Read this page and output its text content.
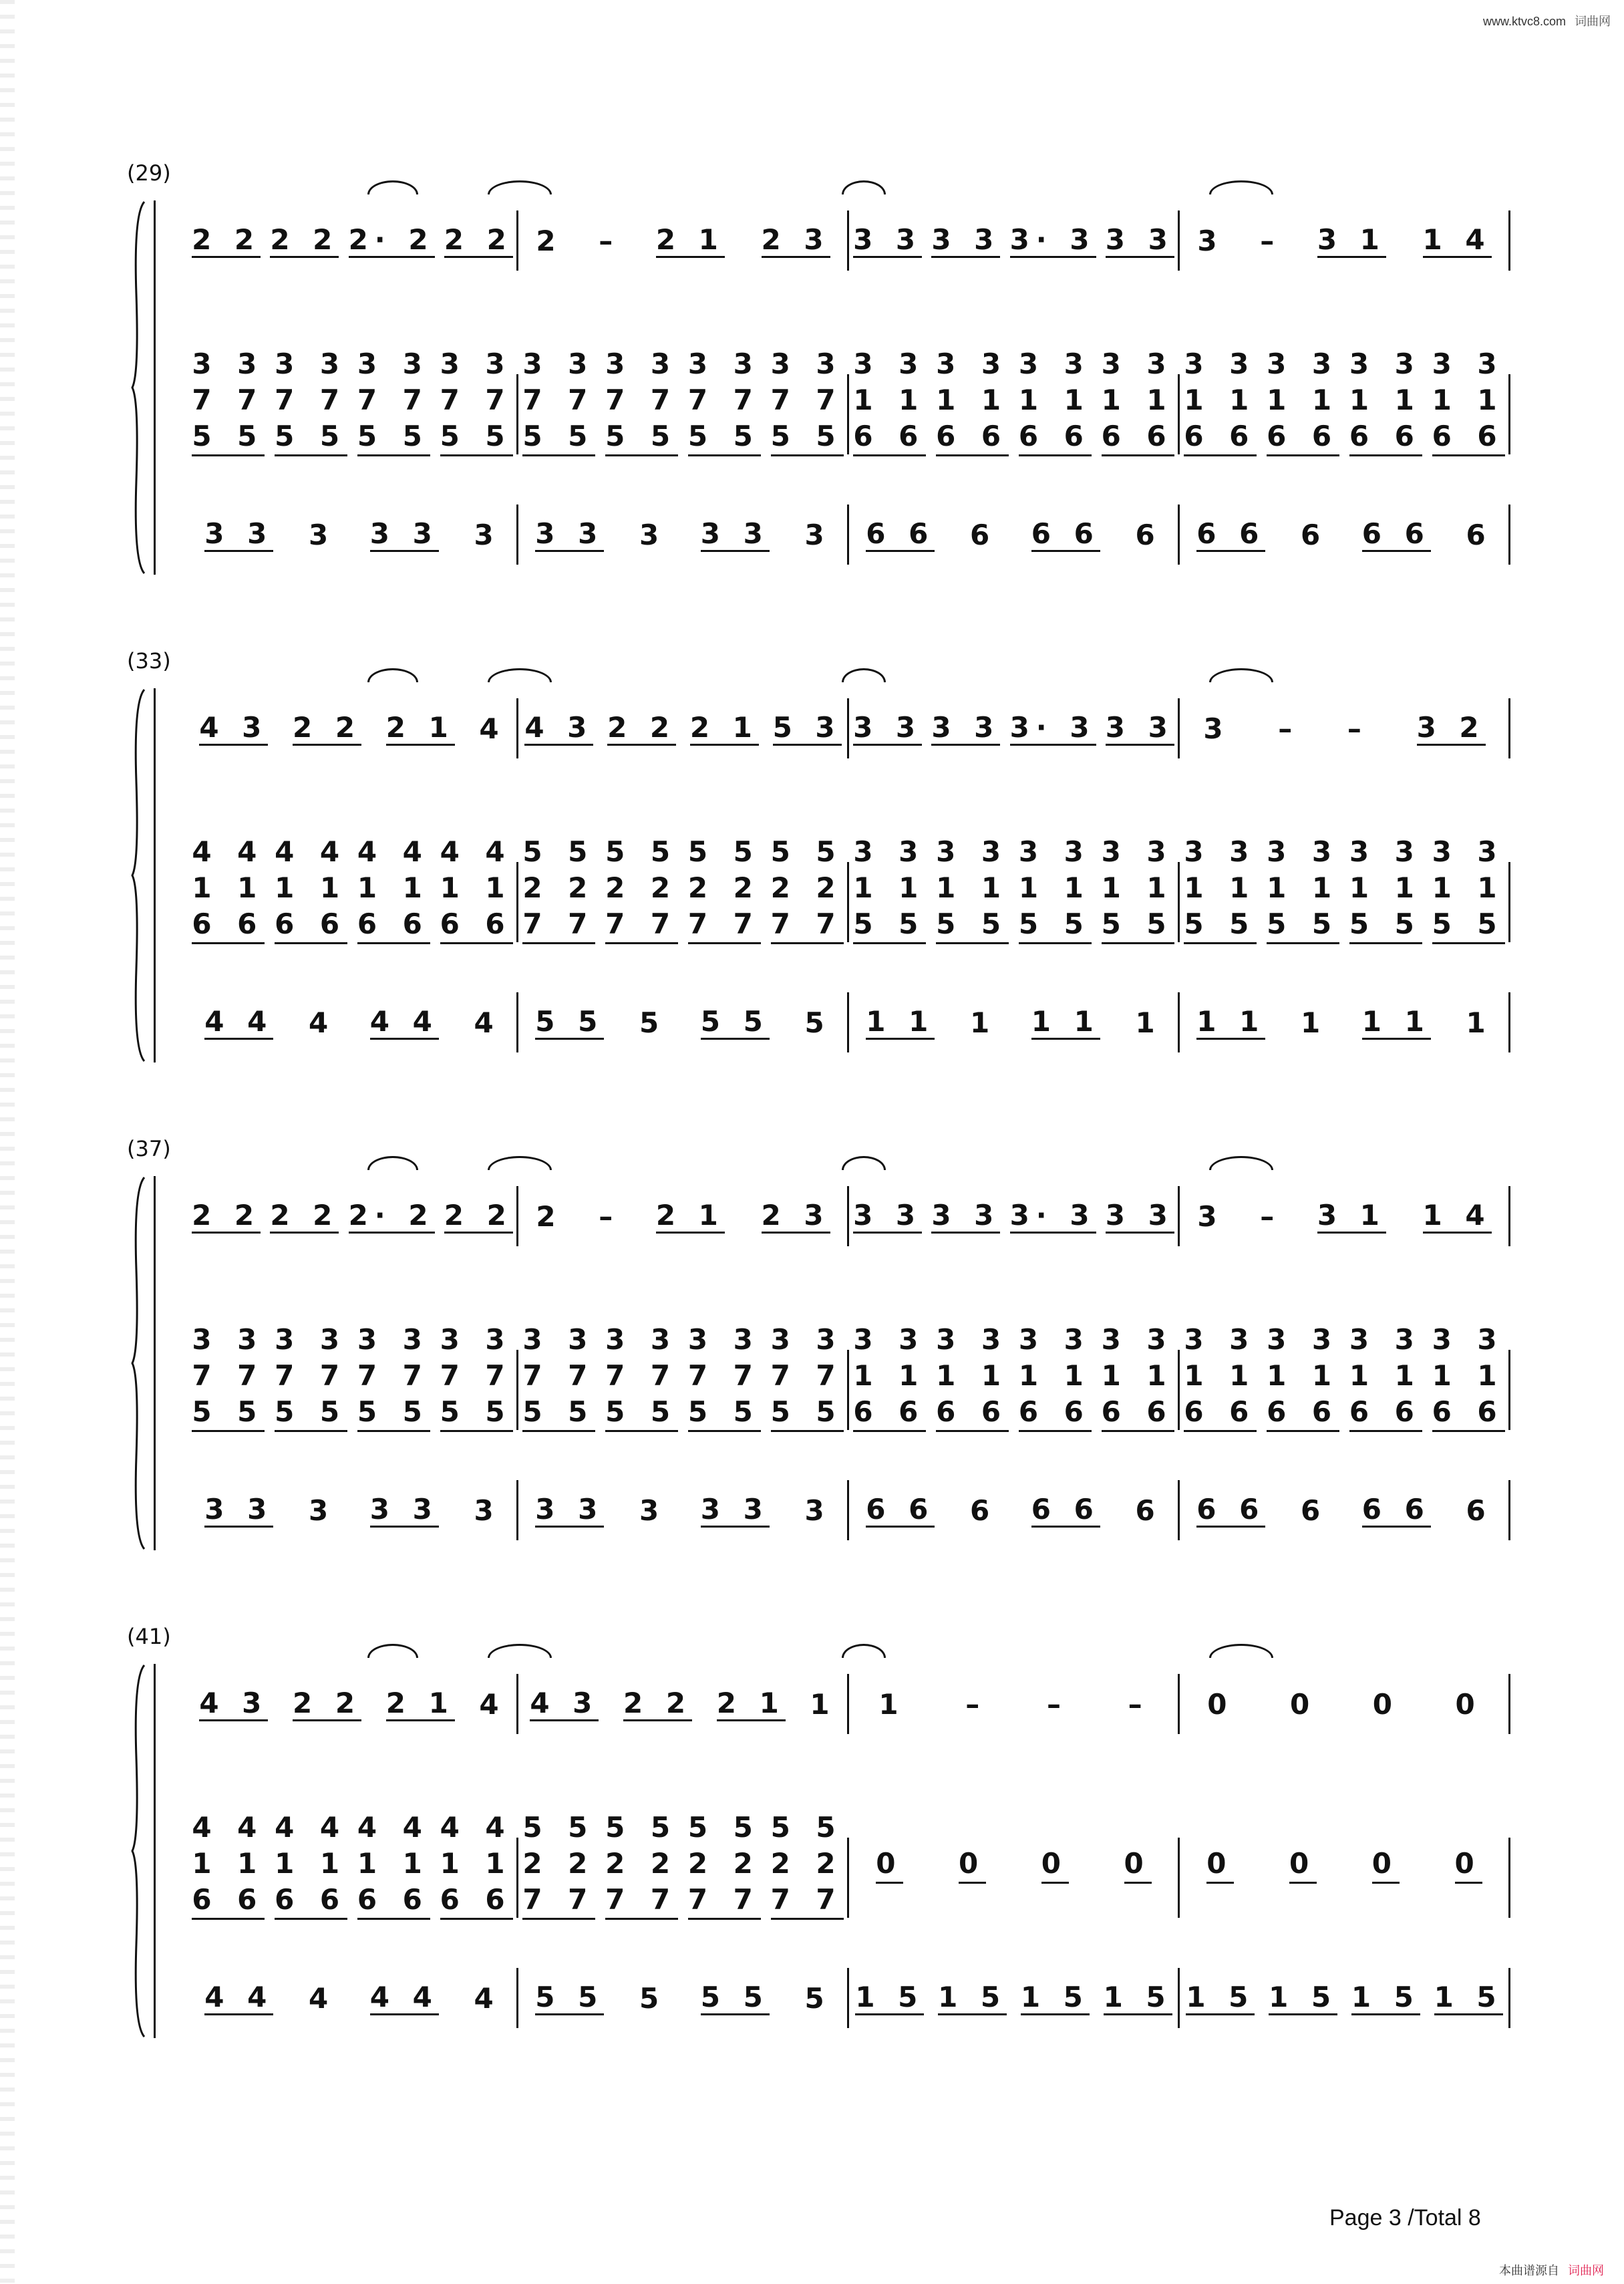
www.ktvc8.com 词曲网
(29)
2 2 2 2 2· 2 2 2 2 – 2 1 2 3 3 3 3 3 3· 3 3 3 3 – 3 1 1 4
3 3
7 7
5 5
3 3
7 7
5 5
3 3
7 7
5 5
3 3
7 7
5 5
3 3
7 7
5 5
3 3
7 7
5 5
3 3
7 7
5 5
3 3
7 7
5 5
3 3
1 1
6 6
3 3
1 1
6 6
3 3
1 1
6 6
3 3
1 1
6 6
3 3
1 1
6 6
3 3
1 1
6 6
3 3
1 1
6 6
3 3
1 1
6 6
3 3 3 3 3 3 3 3 3 3 3 3 6 6 6 6 6 6 6 6 6 6 6 6
(33)
4 3 2 2 2 1 4 4 3 2 2 2 1 5 3 3 3 3 3 3· 3 3 3 3 – – 3 2
4 4
1 1
6 6
4 4
1 1
6 6
4 4
1 1
6 6
4 4
1 1
6 6
5 5
2 2
7 7
5 5
2 2
7 7
5 5
2 2
7 7
5 5
2 2
7 7
3 3
1 1
5 5
3 3
1 1
5 5
3 3
1 1
5 5
3 3
1 1
5 5
3 3
1 1
5 5
3 3
1 1
5 5
3 3
1 1
5 5
3 3
1 1
5 5
4 4 4 4 4 4 5 5 5 5 5 5 1 1 1 1 1 1 1 1 1 1 1 1
(37)
2 2 2 2 2· 2 2 2 2 – 2 1 2 3 3 3 3 3 3· 3 3 3 3 – 3 1 1 4
3 3
7 7
5 5
3 3
7 7
5 5
3 3
7 7
5 5
3 3
7 7
5 5
3 3
7 7
5 5
3 3
7 7
5 5
3 3
7 7
5 5
3 3
7 7
5 5
3 3
1 1
6 6
3 3
1 1
6 6
3 3
1 1
6 6
3 3
1 1
6 6
3 3
1 1
6 6
3 3
1 1
6 6
3 3
1 1
6 6
3 3
1 1
6 6
3 3 3 3 3 3 3 3 3 3 3 3 6 6 6 6 6 6 6 6 6 6 6 6
(41)
4 3 2 2 2 1 4 4 3 2 2 2 1 1 1 – – – 0 0 0 0
4 4
1 1
6 6
4 4
1 1
6 6
4 4
1 1
6 6
4 4
1 1
6 6
5 5
2 2
7 7
5 5
2 2
7 7
5 5
2 2
7 7
5 5
2 2
7 7
0 0 0 0 0 0 0 0
4 4 4 4 4 4 5 5 5 5 5 5 1 5 1 5 1 5 1 5 1 5 1 5 1 5 1 5
Page 3 /Total 8
本曲谱源自 词曲网
